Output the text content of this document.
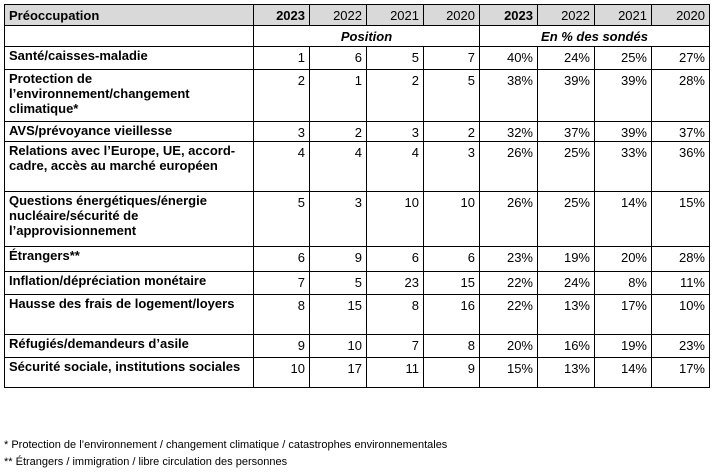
Préoccupation	2023	2022	2021	2020	2023	2022	2021	2020
	Position				En % des sondés			
Santé/caisses-maladie	1	6	5	7	40%	24%	25%	27%
Protection de l’environnement/changement climatique*	2	1	2	5	38%	39%	39%	28%
AVS/prévoyance vieillesse	3	2	3	2	32%	37%	39%	37%
Relations avec l’Europe, UE, accord-cadre, accès au marché européen	4	4	4	3	26%	25%	33%	36%
Questions énergétiques/énergie nucléaire/sécurité de l’approvisionnement	5	3	10	10	26%	25%	14%	15%
Étrangers**	6	9	6	6	23%	19%	20%	28%
Inflation/dépréciation monétaire	7	5	23	15	22%	24%	8%	11%
Hausse des frais de logement/loyers	8	15	8	16	22%	13%	17%	10%
Réfugiés/demandeurs d’asile	9	10	7	8	20%	16%	19%	23%
Sécurité sociale, institutions sociales	10	17	11	9	15%	13%	14%	17%
* Protection de l’environnement / changement climatique / catastrophes environnementales
** Étrangers / immigration / libre circulation des personnes
